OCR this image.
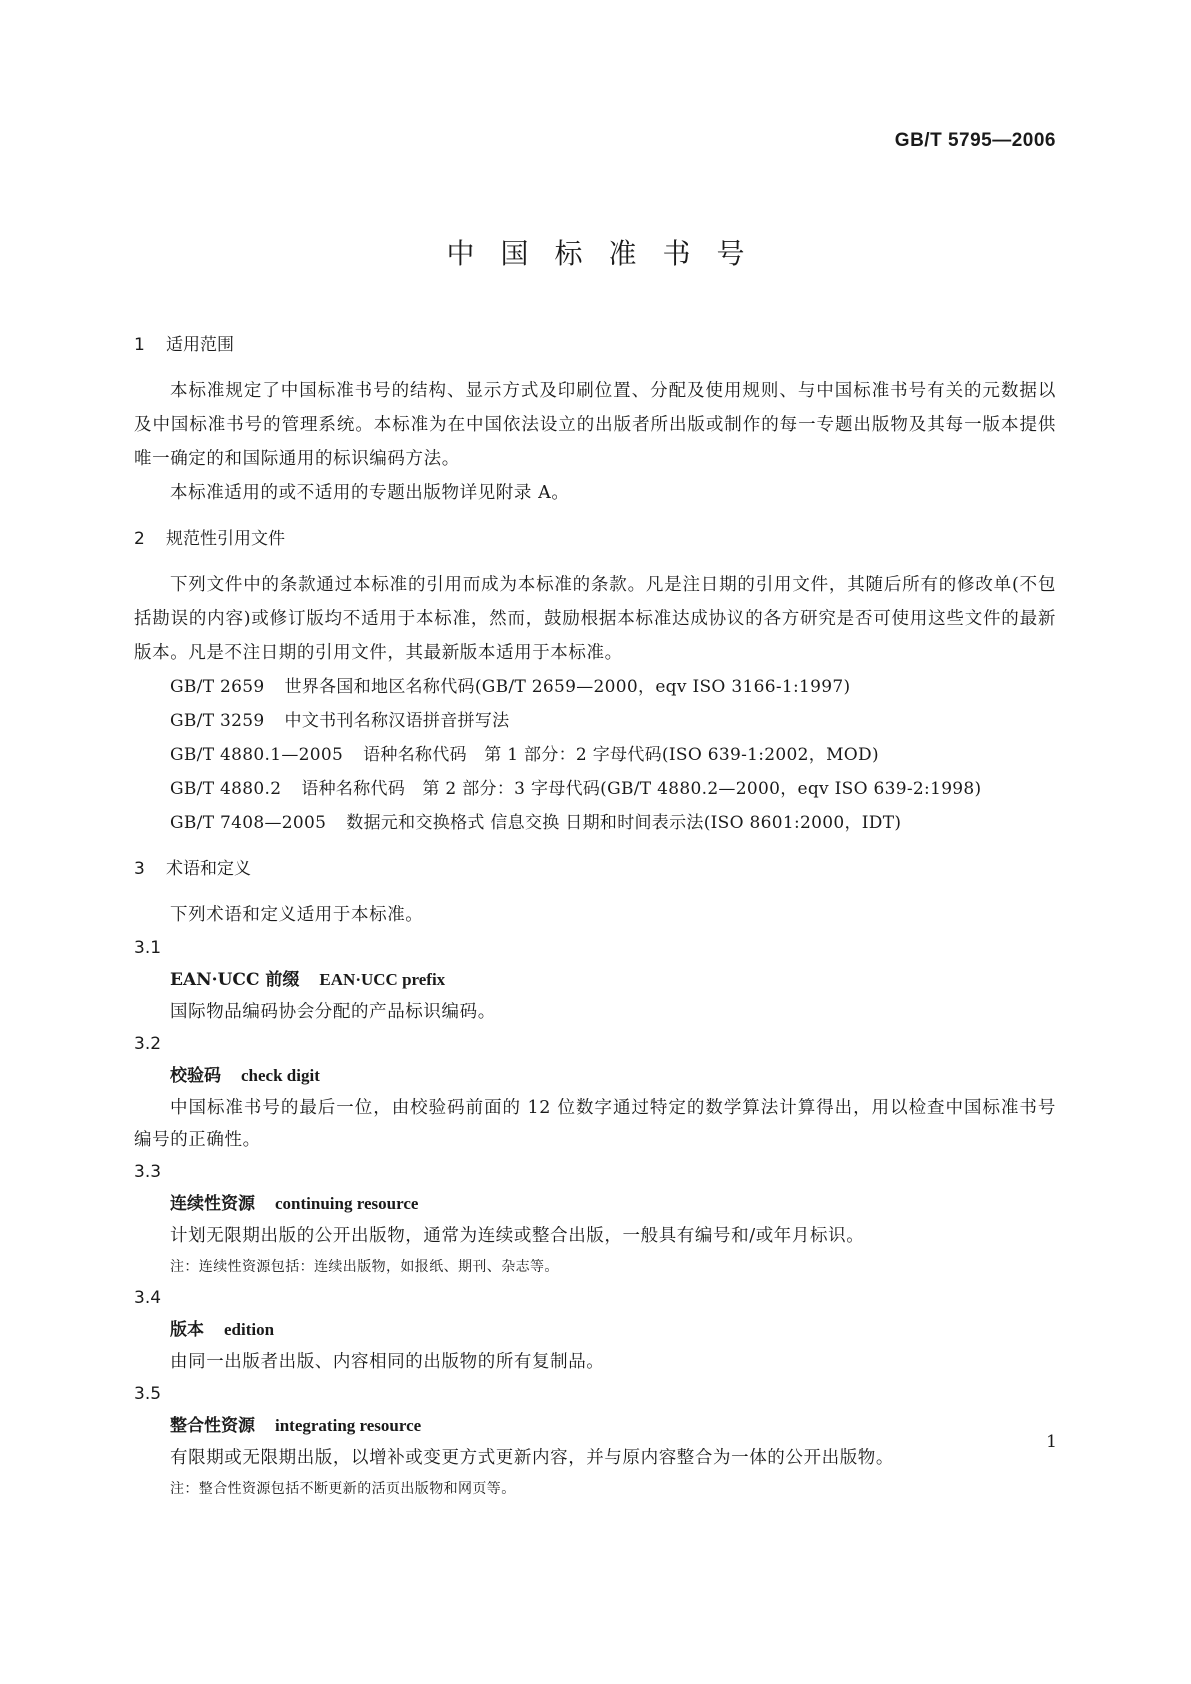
GB/T 5795—2006
中国标准书号
1 适用范围
本标准规定了中国标准书号的结构、显示方式及印刷位置、分配及使用规则、与中国标准书号有关的元数据以及中国标准书号的管理系统。本标准为在中国依法设立的出版者所出版或制作的每一专题出版物及其每一版本提供唯一确定的和国际通用的标识编码方法。
本标准适用的或不适用的专题出版物详见附录 A。
2 规范性引用文件
下列文件中的条款通过本标准的引用而成为本标准的条款。凡是注日期的引用文件，其随后所有的修改单(不包括勘误的内容)或修订版均不适用于本标准，然而，鼓励根据本标准达成协议的各方研究是否可使用这些文件的最新版本。凡是不注日期的引用文件，其最新版本适用于本标准。
GB/T 2659 世界各国和地区名称代码(GB/T 2659—2000，eqv ISO 3166-1:1997)
GB/T 3259 中文书刊名称汉语拼音拼写法
GB/T 4880.1—2005 语种名称代码　第 1 部分：2 字母代码(ISO 639-1:2002，MOD)
GB/T 4880.2 语种名称代码　第 2 部分：3 字母代码(GB/T 4880.2—2000，eqv ISO 639-2:1998)
GB/T 7408—2005 数据元和交换格式 信息交换 日期和时间表示法(ISO 8601:2000，IDT)
3 术语和定义
下列术语和定义适用于本标准。
3.1
EAN·UCC 前缀 EAN·UCC prefix
国际物品编码协会分配的产品标识编码。
3.2
校验码 check digit
中国标准书号的最后一位，由校验码前面的 12 位数字通过特定的数学算法计算得出，用以检查中国标准书号编号的正确性。
3.3
连续性资源 continuing resource
计划无限期出版的公开出版物，通常为连续或整合出版，一般具有编号和/或年月标识。
注：连续性资源包括：连续出版物，如报纸、期刊、杂志等。
3.4
版本 edition
由同一出版者出版、内容相同的出版物的所有复制品。
3.5
整合性资源 integrating resource
有限期或无限期出版，以增补或变更方式更新内容，并与原内容整合为一体的公开出版物。
注：整合性资源包括不断更新的活页出版物和网页等。
1
